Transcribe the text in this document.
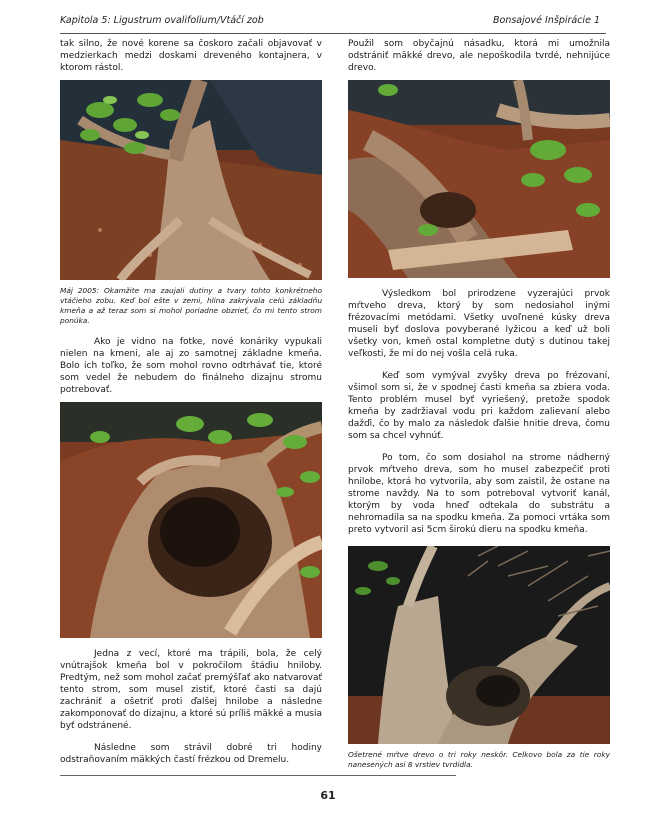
Kapitola 5: Ligustrum ovalifolium/Vtáčí zob	Bonsajové Inšpirácie 1

tak silno, že nové korene sa čoskoro začali objavovať v medzierkach medzi doskami dreveného kontajnera, v ktorom rástol.

Máj 2005: Okamžite ma zaujali dutiny a tvary tohto konkrétneho vtáčieho zobu. Keď bol ešte v zemi, hlina zakrývala celú základňu kmeňa a až teraz som si mohol poriadne obzrieť, čo mi tento strom ponúka.

Ako je vidno na fotke, nové konáriky vypukali nielen na kmeni, ale aj zo samotnej základne kmeňa. Bolo ich toľko, že som mohol rovno odtrhávať tie, ktoré som vedel že nebudem do finálneho dizajnu stromu potrebovať.

Jedna z vecí, ktoré ma trápili, bola, že celý vnútrajšok kmeňa bol v pokročilom štádiu hniloby. Predtým, než som mohol začať premýšľať ako natvarovať tento strom, som musel zistiť, ktoré časti sa dajú zachrániť a ošetriť proti ďalšej hnilobe a následne zakomponovať do dizajnu, a ktoré sú príliš mäkké a musia byť odstránené.

Následne som strávil dobré tri hodiny odstraňovaním mäkkých častí frézkou od Dremelu.

Použil som obyčajnú násadku, ktorá mi umožnila odstrániť mäkké drevo, ale nepoškodila tvrdé, nehnijúce drevo.

Výsledkom bol prirodzene vyzerajúci prvok mŕtveho dreva, ktorý by som nedosiahol inými frézovacími metódami. Všetky uvoľnené kúsky dreva museli byť doslova povyberané lyžicou a keď už boli všetky von, kmeň ostal kompletne dutý s dutinou takej veľkosti, že mi do nej vošla celá ruka.

Keď som vymýval zvyšky dreva po frézovaní, všimol som si, že v spodnej časti kmeňa sa zbiera voda. Tento problém musel byť vyriešený, pretože spodok kmeňa by zadržiaval vodu pri každom zalievaní alebo dažďi, čo by malo za následok ďalšie hnitie dreva, čomu som sa chcel vyhnúť.

Po tom, čo som dosiahol na strome nádherný prvok mŕtveho dreva, som ho musel zabezpečiť proti hnilobe, ktorá ho vytvorila, aby som zaistil, že ostane na strome navždy. Na to som potreboval vytvoriť kanál, ktorým by voda hneď odtekala do substrátu a nehromadila sa na spodku kmeňa. Za pomoci vrtáka som preto vytvoril asi 5cm širokú dieru na spodku kmeňa.

Ošetrené mŕtve drevo o tri roky neskôr. Celkovo bola za tie roky nanesených asi 8 vrstiev tvrdidla.
61
